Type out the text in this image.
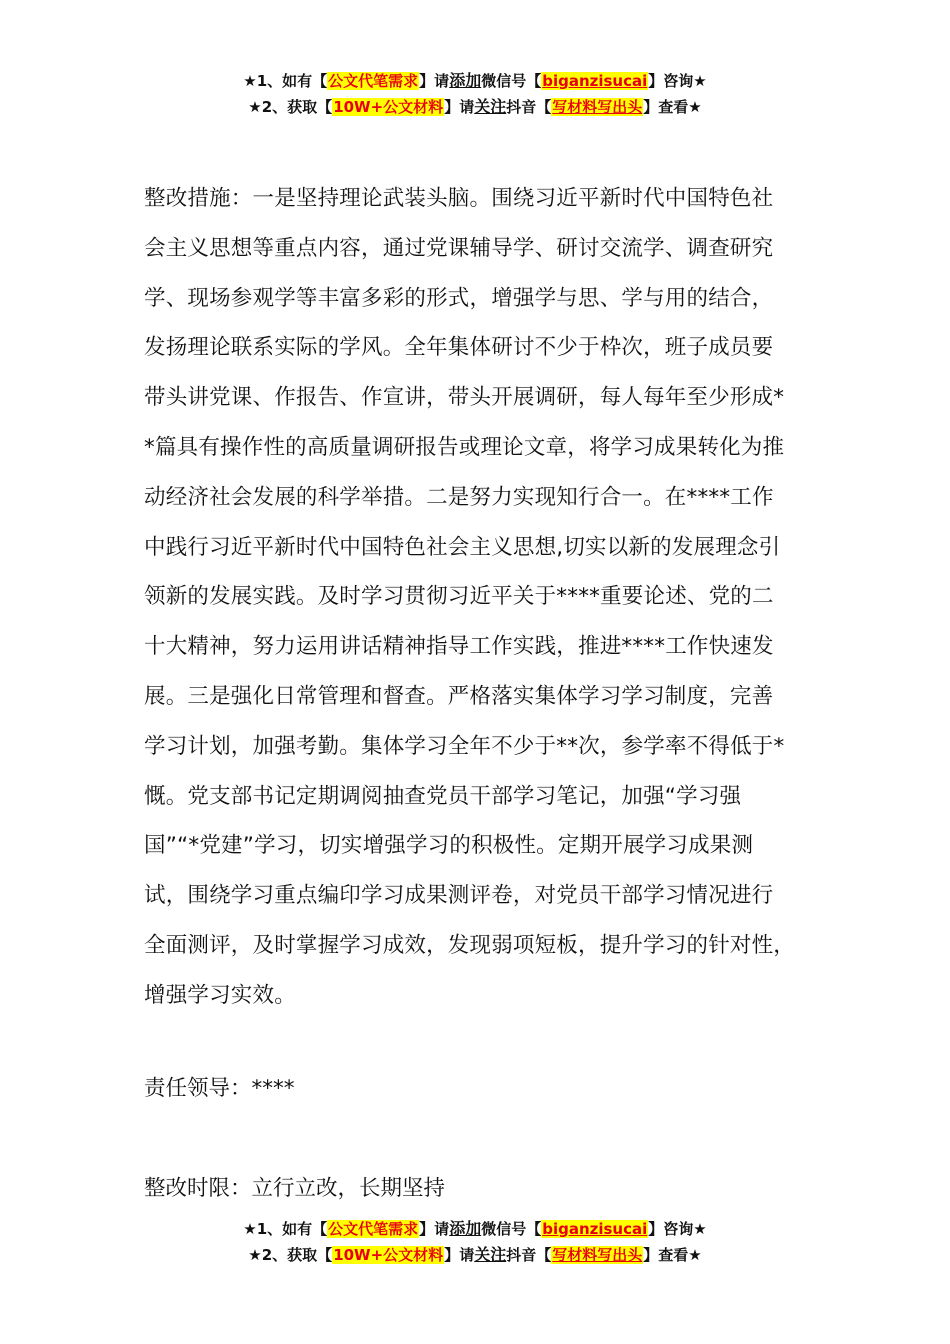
★1、如有【公文代笔需求】请添加微信号【biganzisucai】咨询★
★2、获取【10W+公文材料】请关注抖音【写材料写出头】查看★
整改措施：一是坚持理论武装头脑。围绕习近平新时代中国特色社
会主义思想等重点内容，通过党课辅导学、研讨交流学、调查研究
学、现场参观学等丰富多彩的形式，增强学与思、学与用的结合，
发扬理论联系实际的学风。全年集体研讨不少于枠次，班子成员要
带头讲党课、作报告、作宣讲，带头开展调研，每人每年至少形成*
*篇具有操作性的高质量调研报告或理论文章，将学习成果转化为推
动经济社会发展的科学举措。二是努力实现知行合一。在****工作
中践行习近平新时代中国特色社会主义思想,切实以新的发展理念引
领新的发展实践。及时学习贯彻习近平关于****重要论述、党的二
十大精神，努力运用讲话精神指导工作实践，推进****工作快速发
展。三是强化日常管理和督查。严格落实集体学习学习制度，完善
学习计划，加强考勤。集体学习全年不少于**次，参学率不得低于*
慨。党支部书记定期调阅抽查党员干部学习笔记，加强“学习强
国”“*党建”学习，切实增强学习的积极性。定期开展学习成果测
试，围绕学习重点编印学习成果测评卷，对党员干部学习情况进行
全面测评，及时掌握学习成效，发现弱项短板，提升学习的针对性，
增强学习实效。
责任领导：****
整改时限：立行立改，长期坚持
★1、如有【公文代笔需求】请添加微信号【biganzisucai】咨询★
★2、获取【10W+公文材料】请关注抖音【写材料写出头】查看★
